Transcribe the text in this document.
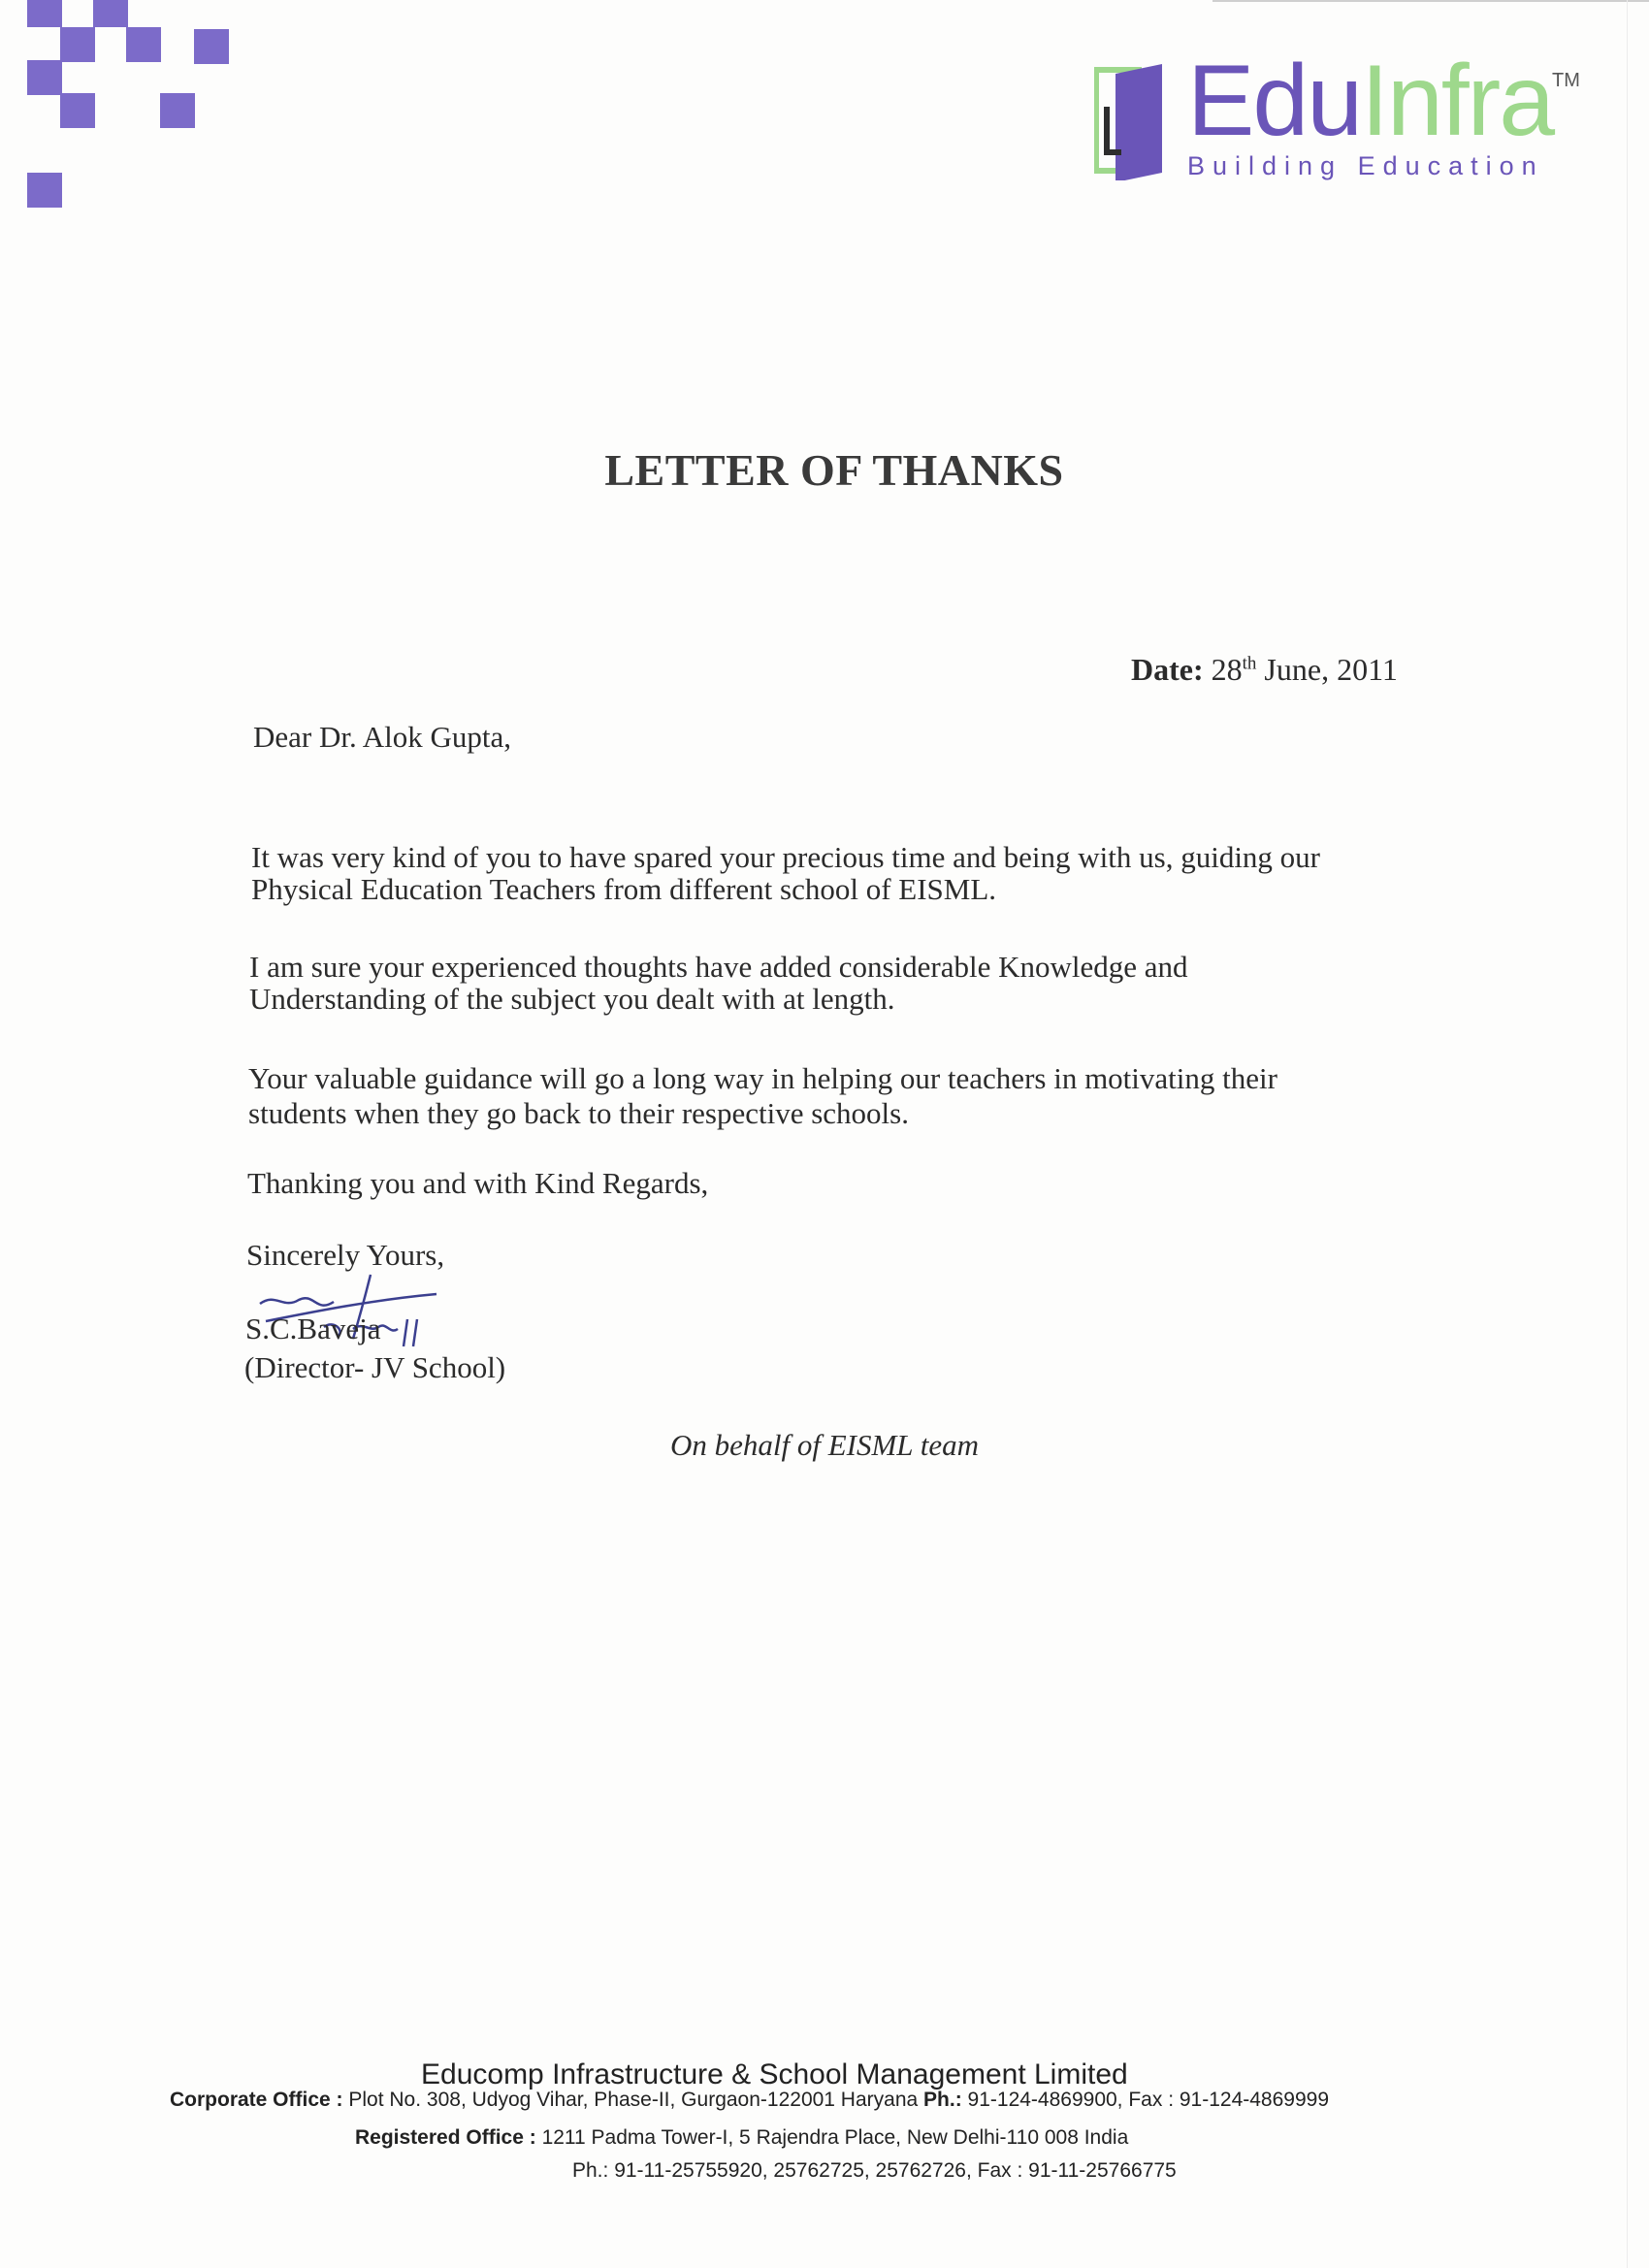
EduInfra
TM
Building Education
LETTER OF THANKS
Date: 28th June, 2011
Dear Dr. Alok Gupta,
It was very kind of you to have spared your precious time and being with us, guiding our
Physical Education Teachers from different school of EISML.
I am sure your experienced thoughts have added considerable Knowledge and
Understanding of the subject you dealt with at length.
Your valuable guidance will go a long way in helping our teachers in motivating their
students when they go back to their respective schools.
Thanking you and with Kind Regards,
Sincerely Yours,
S.C.Baveja
(Director- JV School)
On behalf of EISML team
Educomp Infrastructure & School Management Limited
Corporate Office : Plot No. 308, Udyog Vihar, Phase-II, Gurgaon-122001 Haryana Ph.: 91-124-4869900, Fax : 91-124-4869999
Registered Office : 1211 Padma Tower-I, 5 Rajendra Place, New Delhi-110 008 India
Ph.: 91-11-25755920, 25762725, 25762726, Fax : 91-11-25766775
